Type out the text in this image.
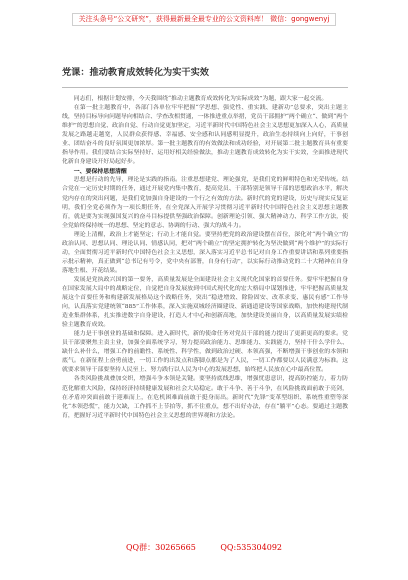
关注头条号“公文研究”，获得最新最全最专业的公文资料库！ 微信：gongwenyj
党课：推动教育成效转化为实干实效

同志们，根据计划安排，今天我围绕“推动主题教育成效转化为实际成效”为题，跟大家一起交流。

在第一批主题教育中，各部门各单位牢牢把握“学思想、强党性、重实践、建新功”总要求，突出主题主线，坚持目标导向问题导向相结合、学查改相贯通，一体推进重点举措，党员干部拥护“两个确立“、做到“两个维护”的思想自觉、政治自觉、行动自觉更加坚定，习近平新时代中国特色社会主义思想更加深入人心，高质量发展之路越走越宽，人民群众获得感、幸福感、安全感和认同感明显提升，政治生态持续向上向好，干事创业、团结奋斗的良好氛围更加浓厚。第一批主题教育的有效做法和成功经验，对开展第二批主题教育具有重要指导作用。我们要结合实际坚持好、运用好相关经验做法，推动主题教育成效转化为实干实效，全面推进现代化新自身建设开好局起好步。

一、要保持思想清醒

思想是行动的先导，理论是实践的指南。注重思想建党、理论强党，是我们党的鲜明特色和光荣传统。结合党在一定历史时期的任务，通过开展党内集中教育，提高党员、干部特别是领导干部的思想政治水平，解决党内存在的突出问题，是我们党加强自身建设的一个行之有效的方法。新时代的党的建设，历史与现实反复证明，我们全党必须作为一项长期任务，在全党深入开展学习贯彻习近平新时代中国特色社会主义思想主题教育，就是要为实现强国复兴的奋斗目标提供坚强政治保障。创新理论引领、强大精神动力、科学工作方法，使全党始终保持统一的思想、坚定的意志、协调的行动、强大的战斗力。

理论上清醒，政治上才能坚定；行动上才能自觉。要坚持把党的政治建设摆在首位，深化对“两个确立”的政治认同、思想认同、理论认同、情感认同，把对“两个确立”的坚定拥护转化为坚决做到“两个维护”的实际行动，全面贯彻习近平新时代中国特色社会主义思想，深入落实习近平总书记对自身工作重要讲话和系列重要指示批示精神，真正做到“总书记有号令，党中央有部署，自身有行动”，以实际行动推动党的二十大精神在自身落地生根、开花结果。

发展是党执政兴国的第一要务，高质量发展是全面建设社会主义现代化国家的首要任务。要牢牢把握自身在国家发展大局中的战略定位，自觉把自身发展放到中国式现代化的宏大格局中谋划推进，牢牢把握高质量发展这个首要任务和构建新发展格局这个战略任务，突出“稳进增效、除险固安、改革求变、惠民有感”工作导向，认真落实党建统领“885”工作体系，深入实施双城经济圈建设、新通道建设等国家战略，加快构建现代制造业集群体系，扎实推进数字自身建设，打造人才中心和创新高地，加快建设美丽自身，以高质量发展实绩检验主题教育成效。

能力是干事创业的基础和保障。进入新时代，新的使命任务对党员干部的能力提出了更新更高的要求。党员干部要聚焦主责主业，加强全面系统学习，努力提高政治能力、思维能力、实践能力，坚持干什么学什么、缺什么补什么，增强工作的前瞻性、系统性、科学性，做到政治过硬、本领高强，不断增强干事创业的本领和底气。在新征程上奋勇前进，一切工作的出发点和落脚点都是为了人民，一切工作都要以人民满意为标准。这就要求领导干部要坚持人民至上、努力践行以人民为中心的发展思想，始终把人民放在心中最高位置。

各类风险挑战叠加交织，增强斗争本领是关键。要坚持底线思维，增强忧患意识，提高防控能力，着力防范化解重大风险，保持经济持续健康发展和社会大局稳定。敢于斗争、善于斗争，在风险挑战面前敢于亮剑，在矛盾冲突面前敢于迎难而上，在危机困难面前敢于挺身而出。新时代“先锋”变革型组织、系统性重塑等深化“本领恐慌”，能力欠缺，工作抓不上节拍等，抓不住重点，想不出好办法，存在“躺平”心态。要通过主题教育，把握好习近平新时代中国特色社会主义思想的世界观和方法论。

QQ群：30265665	QQ:535304092
